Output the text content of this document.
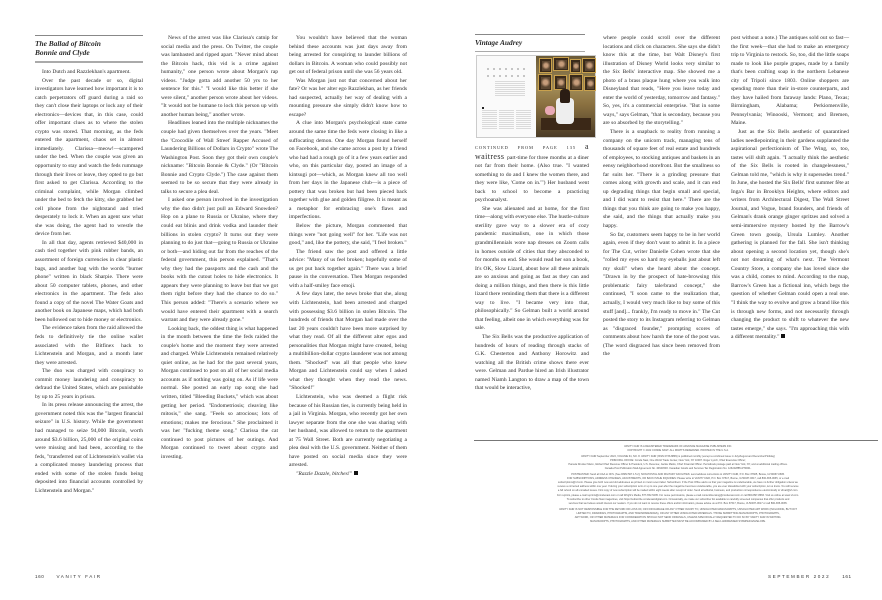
The Ballad of Bitcoin
Bonnie and Clyde

Into Dutch and Razzlekhan's apartment.

Over the past decade or so, digital investigators have learned how important it is to catch perpetrators off guard during a raid so they can't close their laptops or lock any of their electronics—devices that, in this case, could offer important clues as to where the stolen crypto was stored. That morning, as the feds entered the apartment, chaos set in almost immediately. Clarissa—meow!—scampered under the bed. When the couple was given an opportunity to stay and watch the feds rummage through their lives or leave, they opted to go but first asked to get Clarissa. According to the criminal complaint, while Morgan climbed under the bed to fetch the kitty, she grabbed her cell phone from the nightstand and tried desperately to lock it. When an agent saw what she was doing, the agent had to wrestle the device from her.

In all that day, agents retrieved $40,000 in cash tied together with pink rubber bands, an assortment of foreign currencies in clear plastic bags, and another bag with the words "burner phone" written in black Sharpie. There were about 50 computer tablets, phones, and other electronics in the apartment. The feds also found a copy of the novel The Water Goats and another book on Japanese maps, which had both been hollowed out to hide money or electronics.

The evidence taken from the raid allowed the feds to definitively tie the online wallet associated with the Bitfinex hack to Lichtenstein and Morgan, and a month later they were arrested.

The duo was charged with conspiracy to commit money laundering and conspiracy to defraud the United States, which are punishable by up to 25 years in prison.

In its press release announcing the arrest, the government noted this was the "largest financial seizure" in U.S. history. While the government had managed to seize 94,000 Bitcoin, worth around $3.6 billion, 25,000 of the original coins were missing and had been, according to the feds, "transferred out of Lichtenstein's wallet via a complicated money laundering process that ended with some of the stolen funds being deposited into financial accounts controlled by Lichtenstein and Morgan."

News of the arrest was like Clarissa's catnip for social media and the press. On Twitter, the couple was lambasted and ripped apart. "Never mind about the Bitcoin hack, this vid is a crime against humanity," one person wrote about Morgan's rap videos. "Judge gotta add another 50 yrs to her sentence for this." "I would like this better if she were silent," another person wrote about her videos. "It would not be humane to lock this person up with another human being," another wrote.

Headlines leaned into the multiple nicknames the couple had given themselves over the years. "Meet the 'Crocodile of Wall Street' Rapper Accused of Laundering Billions of Dollars in Crypto" wrote The Washington Post. Soon they got their own couple's nickname: "Bitcoin Bonnie & Clyde." (Or "Bitcoin Bonnie and Crypto Clyde.") The case against them seemed to be so secure that they were already in talks to secure a plea deal.

I asked one person involved in the investigation why the duo didn't just pull an Edward Snowden? Hop on a plane to Russia or Ukraine, where they could eat blinis and drink vodka and launder their billions in stolen crypto? It turns out they were planning to do just that—going to Russia or Ukraine or both—and hiding out far from the reaches of the federal government, this person explained. "That's why they had the passports and the cash and the books with the cutout holes to hide electronics. It appears they were planning to leave but that we got them right before they had the chance to do so." This person added: "There's a scenario where we would have entered their apartment with a search warrant and they were already gone."

Looking back, the oddest thing is what happened in the month between the time the feds raided the couple's home and the moment they were arrested and charged. While Lichtenstein remained relatively quiet online, as he had for the past several years, Morgan continued to post on all of her social media accounts as if nothing was going on. As if life were normal. She posted an early rap song she had written, titled "Bleeding Buckets," which was about getting her period. "Endometriosis; cleaving like mitosis," she sang. "Feels so atrocious; lots of emotions; makes me ferocious." She proclaimed it was her "fucking theme song." Clarissa the cat continued to post pictures of her outings. And Morgan continued to tweet about crypto and investing.

You wouldn't have believed that the woman behind these accounts was just days away from being arrested for conspiring to launder billions of dollars in Bitcoin. A woman who could possibly not get out of federal prison until she was 56 years old.

Was Morgan just not that concerned about her fate? Or was her alter ego Razzlekhan, as her friends had suspected, actually her way of dealing with a mounting pressure she simply didn't know how to escape?

A clue into Morgan's psychological state came around the same time the feds were closing in like a suffocating demon. One day Morgan found herself on Facebook, and she came across a post by a friend who had had a rough go of it a few years earlier and who, on this particular day, posted an image of a kintsugi pot—which, as Morgan knew all too well from her days in the Japanese club—is a piece of pottery that was broken but had been pieced back together with glue and golden filigree. It is meant as a metaphor for embracing one's flaws and imperfections.

Below the picture, Morgan commented that things were "not going well" for her. "Life was not good," and, like the pottery, she said, "I feel broken."

The friend saw the post and offered a little advice: "Many of us feel broken; hopefully some of us get put back together again." There was a brief pause in the conversation. Then Morgan responded with a half-smiley face emoji.

A few days later, the news broke that she, along with Lichtenstein, had been arrested and charged with possessing $3.6 billion in stolen Bitcoin. The hundreds of friends that Morgan had made over the last 20 years couldn't have been more surprised by what they read. Of all the different alter egos and personalities that Morgan might have created, being a multibillion-dollar crypto launderer was not among them. "Shocked" was all that people who knew Morgan and Lichtenstein could say when I asked what they thought when they read the news. "Shocked!"

Lichtenstein, who was deemed a flight risk because of his Russian ties, is currently being held in a jail in Virginia. Morgan, who recently got her own lawyer separate from the one she was sharing with her husband, was allowed to return to the apartment at 75 Wall Street. Both are currently negotiating a plea deal with the U.S. government. Neither of them have posted on social media since they were arrested.

"Razzle Dazzle, bitches!"

160	VANITY FAIR
Vintage Audrey

CONTINUED FROM PAGE 135 a waitress part-time for three months at a diner not far from their home. (Also true. "I wanted something to do and I knew the women there, and they were like, 'Come on in.'") Her husband went back to school to become a practicing psychoanalyst.

She was alienated and at home, for the first time—along with everyone else. The hustle-culture sterility gave way to a slower era of cozy pandemic maximalism, one in which those grandmillennials wore nap dresses on Zoom calls in homes outside of cities that they absconded to for months on end. She would read her son a book, It's OK, Slow Lizard, about how all these animals are so anxious and going as fast as they can and doing a million things, and then there is this little lizard there reminding them that there is a different way to live. "I became very into that, philosophically." So Gelman built a world around that feeling, albeit one in which everything was for sale.

The Six Bells was the productive application of hundreds of hours of reading through stacks of G.K. Chesterton and Anthony Horowitz and watching all the British crime shows there ever were. Gelman and Pardue hired an Irish illustrator named Niamh Langton to draw a map of the town that would be interactive,

where people could scroll over the different locations and click on characters. She says she didn't know this at the time, but Walt Disney's first illustration of Disney World looks very similar to the Six Bells' interactive map. She showed me a photo of a brass plaque hung where you walk into Disneyland that reads, "Here you leave today and enter the world of yesterday, tomorrow and fantasy." So, yes, it's a commercial enterprise. "But in some ways," says Gelman, "that is secondary, because you are so absorbed by the storytelling."

There is a snapback to reality from running a company on the unicorn track, managing tens of thousands of square feet of real estate and hundreds of employees, to stocking antiques and baskets in an eensy neighborhood storefront. But the smallness so far suits her. "There is a grinding pressure that comes along with growth and scale, and it can end up degrading things that begin small and special, and I did want to resist that here." There are the things that you think are going to make you happy, she said, and the things that actually make you happy.

So far, customers seem happy to be in her world again, even if they don't want to admit it. In a piece for The Cut, writer Danielle Cohen wrote that she "rolled my eyes so hard my eyeballs just about left my skull" when she heard about the concept. "Drawn in by the prospect of hate-browsing this problematic fairy tale/brand concept," she continued, "I soon came to the realization that, actually, I would very much like to buy some of this stuff [and]... frankly, I'm ready to move in." The Cut posted the story to its Instagram referring to Gelman as "disgraced founder," prompting scores of comments about how harsh the tone of the post was. (The word disgraced has since been removed from the

post without a note.) The antiques sold out so fast—the first week—that she had to make an emergency trip to Virginia to restock. So, too, did the little soaps made to look like purple grapes, made by a family that's been crafting soap in the northern Lebanese city of Tripoli since 1803. Online shoppers are spending more than their in-store counterparts, and they have hailed from faraway lands: Plano, Texas; Birmingham, Alabama; Perkiomenville, Pennsylvania; Winooski, Vermont; and Bremen, Maine.

Just as the Six Bells aesthetic of quarantined ladies needlepointing in their gardens supplanted the aspirational perfectionism of The Wing, so, too, tastes will shift again. "I actually think the aesthetic of the Six Bells is rooted in changelessness," Gelman told me, "which is why it supersedes trend." In June, she hosted the Six Bells' first summer fête at Inga's Bar in Brooklyn Heights, where editors and writers from Architectural Digest, The Wall Street Journal, and Vogue, brand founders, and friends of Gelman's drank orange ginger spritzes and solved a semi-immersive mystery hosted by the Barrow's Green town gossip, Ursula Lumley. Another gathering is planned for the fall. She isn't thinking about opening a second location yet, though she's not not dreaming of what's next. The Vermont Country Store, a company she has loved since she was a child, comes to mind. According to the map, Barrow's Green has a fictional inn, which begs the question of whether Gelman could open a real one. "I think the way to evolve and grow a brand like this is through new forms, and not necessarily through changing the product to shift to whatever the new tastes emerge," she says. "I'm approaching this with a different mentality."

VANITY FAIR IS A REGISTERED TRADEMARK OF ADVANCE MAGAZINE PUBLISHERS INC.
COPYRIGHT © 2022 CONDÉ NAST. ALL RIGHTS RESERVED. PRINTED IN THE U.S.A.
VANITY FAIR September 2022, VOLUME 64, NO. 8. VANITY FAIR (ISSN 0733-8899) is published monthly (except a combined issue in July/August and December/Holiday)
PRINCIPAL OFFICE: Condé Nast, One World Trade Center, New York, NY 10007. Roger Lynch, Chief Executive Officer;
Pamela Drucker Mann, Global Chief Revenue Officer & President, U.S. Revenue; Jackie Marks, Chief Financial Officer. Periodicals postage paid at New York, NY, and at additional mailing offices.
Canada Post Publication Mail Agreement No. 40644503. Canadian Goods and Services Tax Registration No. 123242885-RT0001.
POSTMASTER: Send all UAA to CFS. (See DMM 507.1.5.2); NON-POSTAL AND MILITARY FACILITIES: send address corrections to VANITY FAIR, P.O. Box 37605, Boone, IA 50037-0605.
FOR SUBSCRIPTIONS, ADDRESS CHANGES, ADJUSTMENTS, OR BACK ISSUE INQUIRIES: Please write to VANITY FAIR, P.O. Box 37617, Boone, IA 50037-0617, call 800-365-0635, or e-mail
subscriptions@vf.com. Please give both new and old addresses as printed on most recent label. Subscribers: If the Post Office alerts us that your magazine is undeliverable, we have no further obligation unless we
receive a corrected address within one year. If during your subscription term or up to one year after the magazine becomes undeliverable, you are ever dissatisfied with your subscription, let us know. You will receive
a full refund on all unmailed issues. First copy of new subscription will be mailed within eight weeks after receipt of order. Send all editorial, business, and production correspondence electronically to vfmail@vf.com.
For reprints, please e-mail reprints@condenast.com or call Wright's Media, 877-652-5295. For reuse permissions, please e-mail contentlicensing@condenast.com or call 800-897-8666. Visit us online at www.vf.com.
To subscribe to other Condé Nast magazines, visit https://subscribe.condenastdigital.com. Occasionally, we make our subscriber list available to carefully screened companies that offer products and
services that we believe would interest our readers. If you do not want to receive these offers and/or information, please advise us at P.O. Box 37617, Boone, IA 50037-0617 or call 800-365-0635.
VANITY FAIR IS NOT RESPONSIBLE FOR THE RETURN OR LOSS OF, OR FOR DAMAGE OR ANY OTHER INJURY TO, UNSOLICITED MANUSCRIPTS, UNSOLICITED ART WORK (INCLUDING, BUT NOT
LIMITED TO, DRAWINGS, PHOTOGRAPHS, AND TRANSPARENCIES), OR ANY OTHER UNSOLICITED MATERIALS. THOSE SUBMITTING MANUSCRIPTS, PHOTOGRAPHS,
ART WORK, OR OTHER MATERIALS FOR CONSIDERATION SHOULD NOT SEND ORIGINALS, UNLESS SPECIFICALLY REQUESTED TO DO SO BY VANITY FAIR IN WRITING.
MANUSCRIPTS, PHOTOGRAPHS, AND OTHER MATERIALS SUBMITTED MUST BE ACCOMPANIED BY A SELF-ADDRESSED STAMPED ENVELOPE.
SEPTEMBER 2022	161
